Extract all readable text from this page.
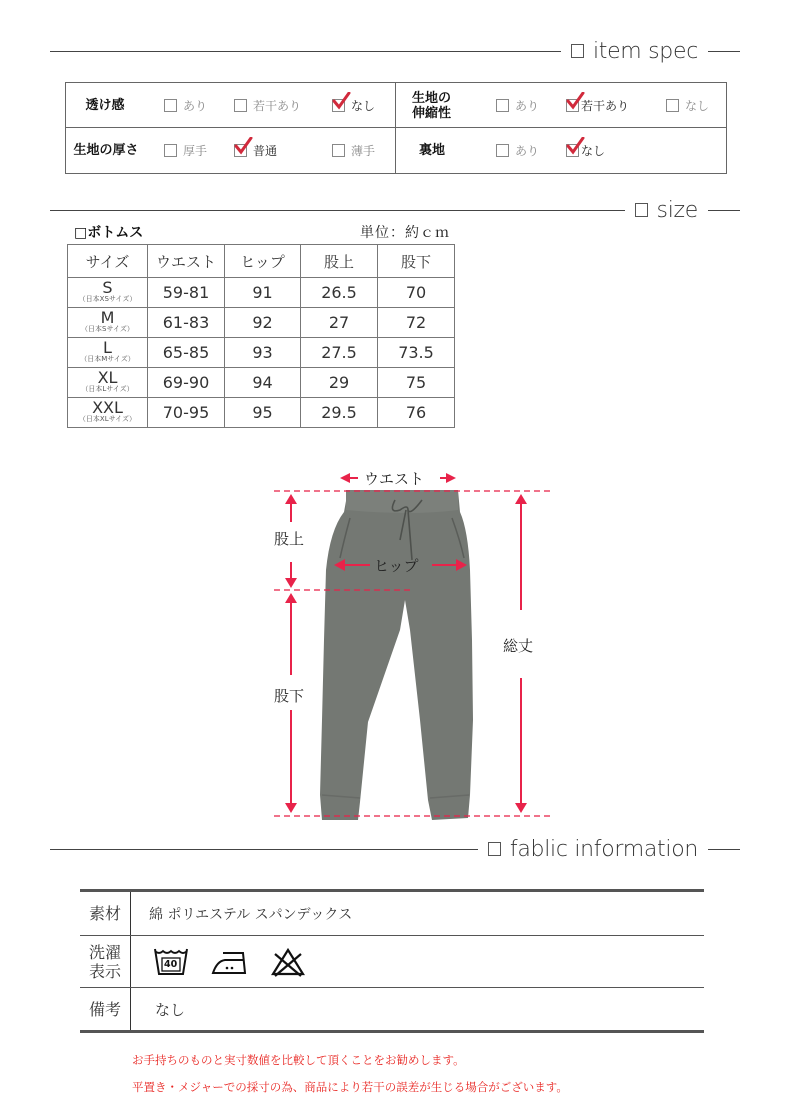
item spec
透け感	あり	若干あり	なし
生地の
伸縮性	あり	若干あり	なし
生地の厚さ	厚手	普通	薄手	裏地	あり	なし
size
□ボトムス	単位：約ｃｍ
サイズ	ウエスト	ヒップ	股上	股下

S
（日本XSサイズ）	59-81	91	26.5	70

M
（日本Sサイズ）	61-83	92	27	72

L
（日本Mサイズ）	65-85	93	27.5	73.5

XL
（日本Lサイズ）	69-90	94	29	75

XXL
（日本XLサイズ）	70-95	95	29.5	76
ウエスト
ヒップ
股上
股下
総丈
fablic information
素材	綿 ポリエステル スパンデックス
洗濯
表示	40
備考	なし
お手持ちのものと実寸数値を比較して頂くことをお勧めします。
平置き・メジャーでの採寸の為、商品により若干の誤差が生じる場合がございます。
